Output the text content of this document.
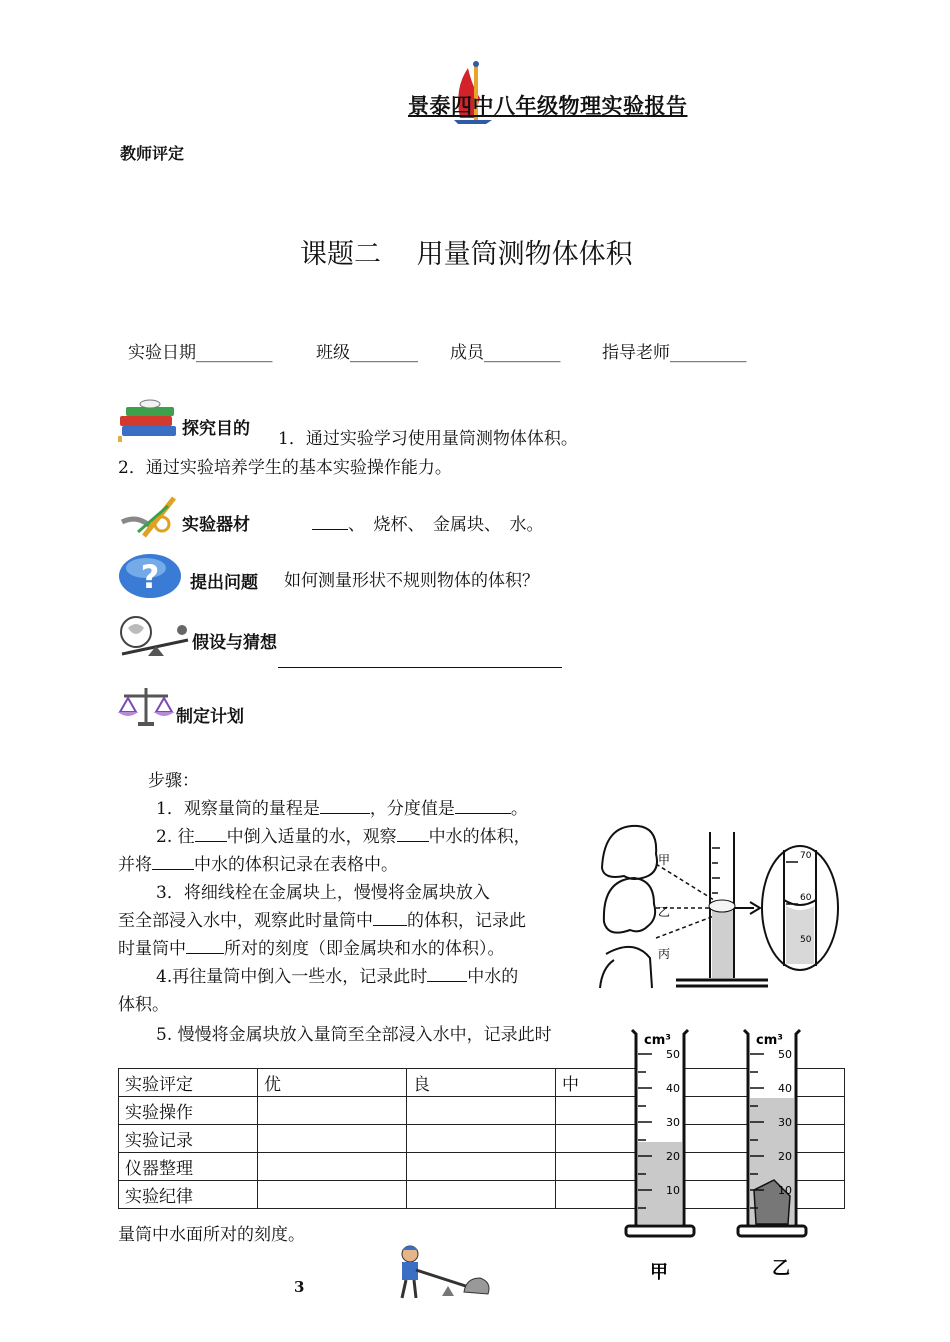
景泰四中八年级物理实验报告
教师评定
课题二　 用量筒测物体体积
实验日期_________	班级________ 成员_________ 指导老师_________
探究目的 1．通过实验学习使用量筒测物体体积。
2．通过实验培养学生的基本实验操作能力。
实验器材	、　烧杯、　金属块、　水。
? 提出问题 如何测量形状不规则物体的体积？
假设与猜想
制定计划
步骤：
1．观察量筒的量程是	，分度值是	。
2. 往 中倒入适量的水，观察 中水的体积，
并将 中水的体积记录在表格中。
3．将细线栓在金属块上，慢慢将金属块放入
至全部浸入水中，观察此时量筒中 的体积，记录此
时量筒中 所对的刻度（即金属块和水的体积）。
4.再往量筒中倒入一些水，记录此时 中水的
体积。
5. 慢慢将金属块放入量筒至全部浸入水中，记录此时
量筒中水面所对的刻度。
实验评定	优	良	中
实验操作			
实验记录			
仪器整理			
实验纪律			
甲
乙
丙
70
60
50
cm³
50
40
30
20
10
甲
cm³
50
40
30
20
10
乙
3
